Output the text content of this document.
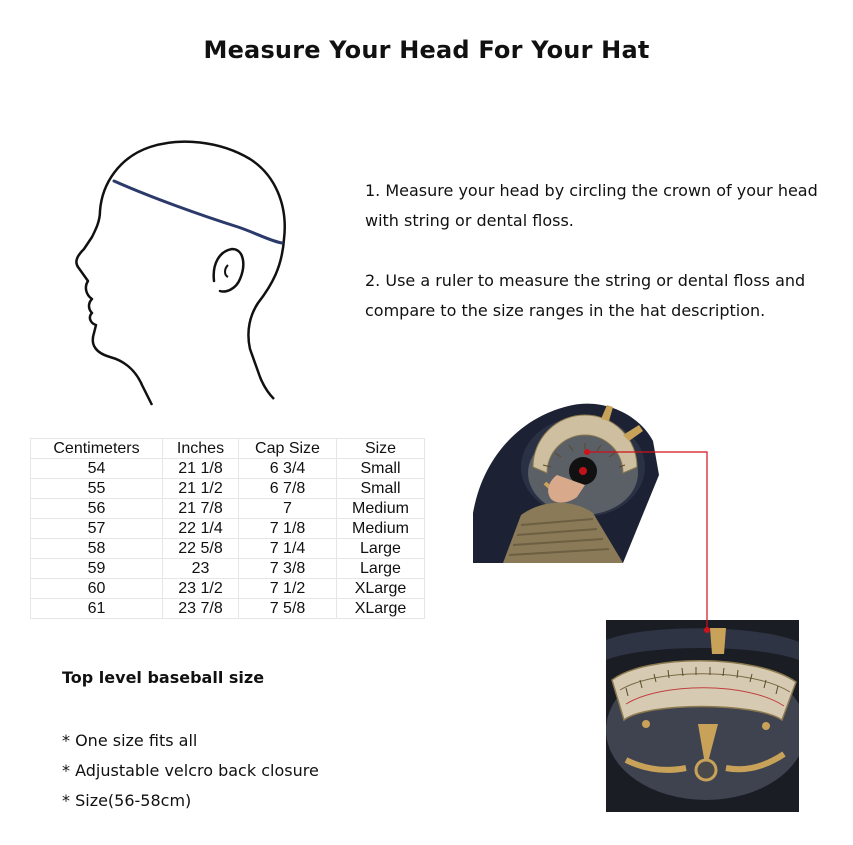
Measure Your Head For Your Hat

1. Measure your head by circling the crown of your head with string or dental floss.

2. Use a ruler to measure the string or dental floss and compare to the size ranges in the hat description.

Centimeters	Inches	Cap Size	Size
54	21 1/8	6 3/4	Small
55	21 1/2	6 7/8	Small
56	21 7/8	7	Medium
57	22 1/4	7 1/8	Medium
58	22 5/8	7 1/4	Large
59	23	7 3/8	Large
60	23 1/2	7 1/2	XLarge
61	23 7/8	7 5/8	XLarge
Top level baseball size
* One size fits all
* Adjustable velcro back closure
* Size(56-58cm)
